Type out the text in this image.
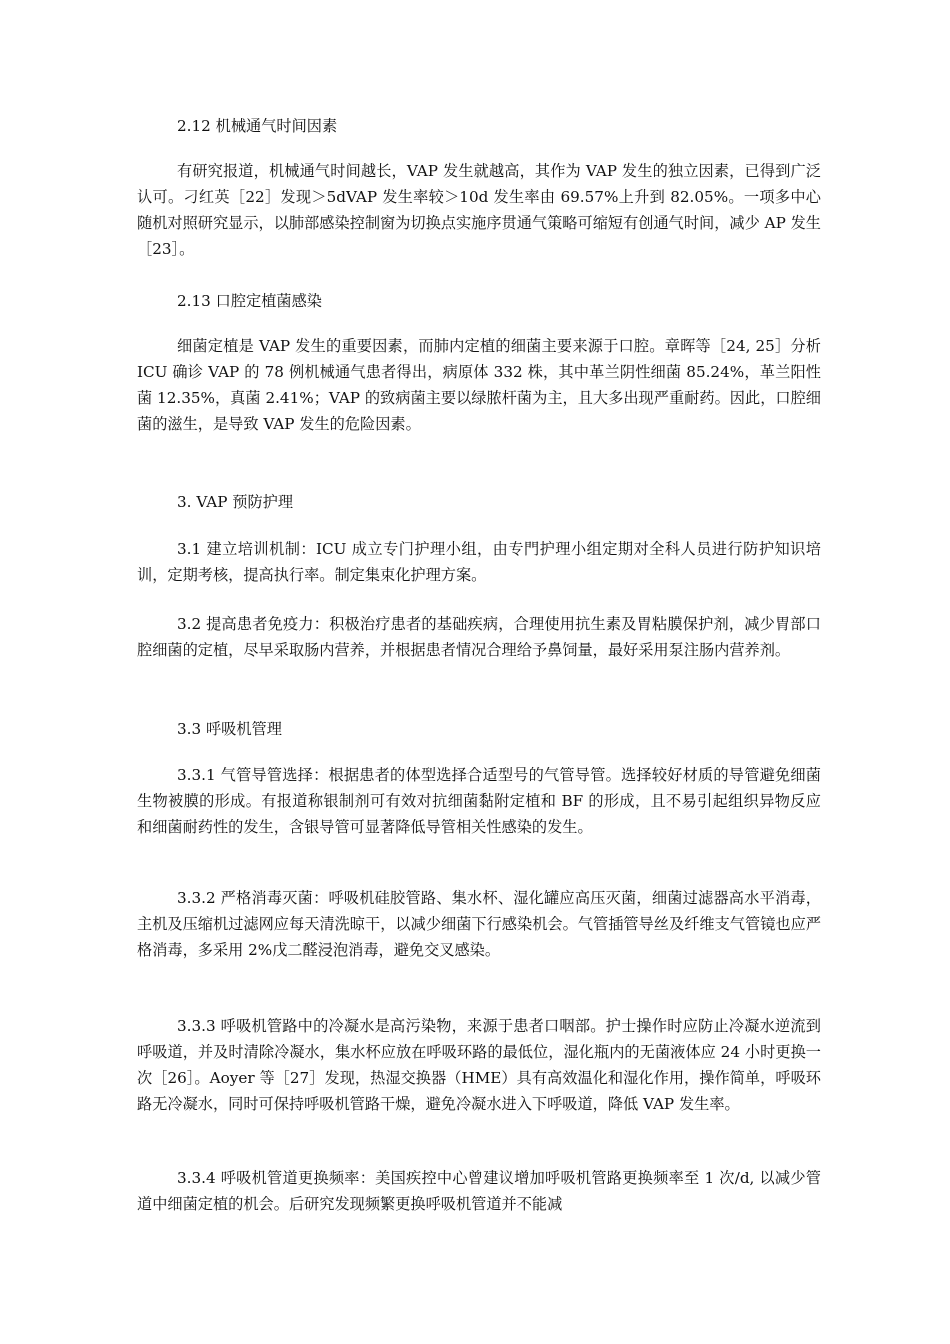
2.12 机械通气时间因素
有研究报道，机械通气时间越长，VAP 发生就越高，其作为 VAP 发生的独立因素，已得到广泛认可。刁红英［22］发现＞5dVAP 发生率较＞10d 发生率由 69.57%上升到 82.05%。一项多中心随机对照研究显示，以肺部感染控制窗为切换点实施序贯通气策略可缩短有创通气时间，减少 AP 发生［23］。
2.13 口腔定植菌感染
细菌定植是 VAP 发生的重要因素，而肺内定植的细菌主要来源于口腔。章晖等［24, 25］分析 ICU 确诊 VAP 的 78 例机械通气患者得出，病原体 332 株，其中革兰阴性细菌 85.24%，革兰阳性菌 12.35%，真菌 2.41%；VAP 的致病菌主要以绿脓杆菌为主，且大多出现严重耐药。因此，口腔细菌的滋生，是导致 VAP 发生的危险因素。
3. VAP 预防护理
3.1 建立培训机制：ICU 成立专门护理小组，由专門护理小组定期对全科人员进行防护知识培训，定期考核，提高执行率。制定集束化护理方案。
3.2 提高患者免疫力：积极治疗患者的基础疾病，合理使用抗生素及胃粘膜保护剂，减少胃部口腔细菌的定植，尽早采取肠内营养，并根据患者情况合理给予鼻饲量，最好采用泵注肠内营养剂。
3.3 呼吸机管理
3.3.1 气管导管选择：根据患者的体型选择合适型号的气管导管。选择较好材质的导管避免细菌生物被膜的形成。有报道称银制剂可有效对抗细菌黏附定植和 BF 的形成，且不易引起组织异物反应和细菌耐药性的发生，含银导管可显著降低导管相关性感染的发生。
3.3.2 严格消毒灭菌：呼吸机硅胶管路、集水杯、湿化罐应高压灭菌，细菌过滤器高水平消毒，主机及压缩机过滤网应每天清洗晾干，以减少细菌下行感染机会。气管插管导丝及纤维支气管镜也应严格消毒，多采用 2%戊二醛浸泡消毒，避免交叉感染。
3.3.3 呼吸机管路中的冷凝水是高污染物，来源于患者口咽部。护士操作时应防止冷凝水逆流到呼吸道，并及时清除冷凝水，集水杯应放在呼吸环路的最低位，湿化瓶内的无菌液体应 24 小时更换一次［26］。Aoyer 等［27］发现，热湿交换器（HME）具有高效温化和湿化作用，操作简单，呼吸环路无冷凝水，同时可保持呼吸机管路干燥，避免冷凝水进入下呼吸道，降低 VAP 发生率。
3.3.4 呼吸机管道更换频率：美国疾控中心曾建议增加呼吸机管路更换频率至 1 次/d, 以减少管道中细菌定植的机会。后研究发现频繁更换呼吸机管道并不能减
